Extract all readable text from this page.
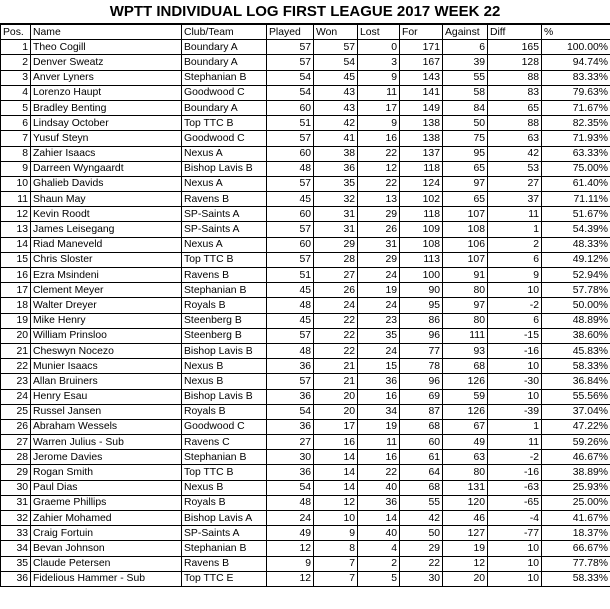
WPTT INDIVIDUAL LOG FIRST LEAGUE 2017 WEEK 22
Pos.	Name	Club/Team	Played	Won	Lost	For	Against	Diff	%
1	Theo Cogill	Boundary A	57	57	0	171	6	165	100.00%
2	Denver Sweatz	Boundary A	57	54	3	167	39	128	94.74%
3	Anver Lyners	Stephanian B	54	45	9	143	55	88	83.33%
4	Lorenzo Haupt	Goodwood C	54	43	11	141	58	83	79.63%
5	Bradley Benting	Boundary A	60	43	17	149	84	65	71.67%
6	Lindsay October	Top TTC B	51	42	9	138	50	88	82.35%
7	Yusuf Steyn	Goodwood C	57	41	16	138	75	63	71.93%
8	Zahier Isaacs	Nexus A	60	38	22	137	95	42	63.33%
9	Darreen Wyngaardt	Bishop Lavis B	48	36	12	118	65	53	75.00%
10	Ghalieb Davids	Nexus A	57	35	22	124	97	27	61.40%
11	Shaun May	Ravens B	45	32	13	102	65	37	71.11%
12	Kevin Roodt	SP-Saints A	60	31	29	118	107	11	51.67%
13	James Leisegang	SP-Saints A	57	31	26	109	108	1	54.39%
14	Riad Maneveld	Nexus A	60	29	31	108	106	2	48.33%
15	Chris Sloster	Top TTC B	57	28	29	113	107	6	49.12%
16	Ezra Msindeni	Ravens B	51	27	24	100	91	9	52.94%
17	Clement Meyer	Stephanian B	45	26	19	90	80	10	57.78%
18	Walter Dreyer	Royals B	48	24	24	95	97	-2	50.00%
19	Mike Henry	Steenberg B	45	22	23	86	80	6	48.89%
20	William Prinsloo	Steenberg B	57	22	35	96	111	-15	38.60%
21	Cheswyn Nocezo	Bishop Lavis B	48	22	24	77	93	-16	45.83%
22	Munier Isaacs	Nexus B	36	21	15	78	68	10	58.33%
23	Allan Bruiners	Nexus B	57	21	36	96	126	-30	36.84%
24	Henry Esau	Bishop Lavis B	36	20	16	69	59	10	55.56%
25	Russel Jansen	Royals B	54	20	34	87	126	-39	37.04%
26	Abraham Wessels	Goodwood C	36	17	19	68	67	1	47.22%
27	Warren Julius - Sub	Ravens C	27	16	11	60	49	11	59.26%
28	Jerome Davies	Stephanian B	30	14	16	61	63	-2	46.67%
29	Rogan Smith	Top TTC B	36	14	22	64	80	-16	38.89%
30	Paul Dias	Nexus B	54	14	40	68	131	-63	25.93%
31	Graeme Phillips	Royals B	48	12	36	55	120	-65	25.00%
32	Zahier Mohamed	Bishop Lavis A	24	10	14	42	46	-4	41.67%
33	Craig Fortuin	SP-Saints A	49	9	40	50	127	-77	18.37%
34	Bevan Johnson	Stephanian B	12	8	4	29	19	10	66.67%
35	Claude Petersen	Ravens B	9	7	2	22	12	10	77.78%
36	Fidelious Hammer - Sub	Top TTC E	12	7	5	30	20	10	58.33%
